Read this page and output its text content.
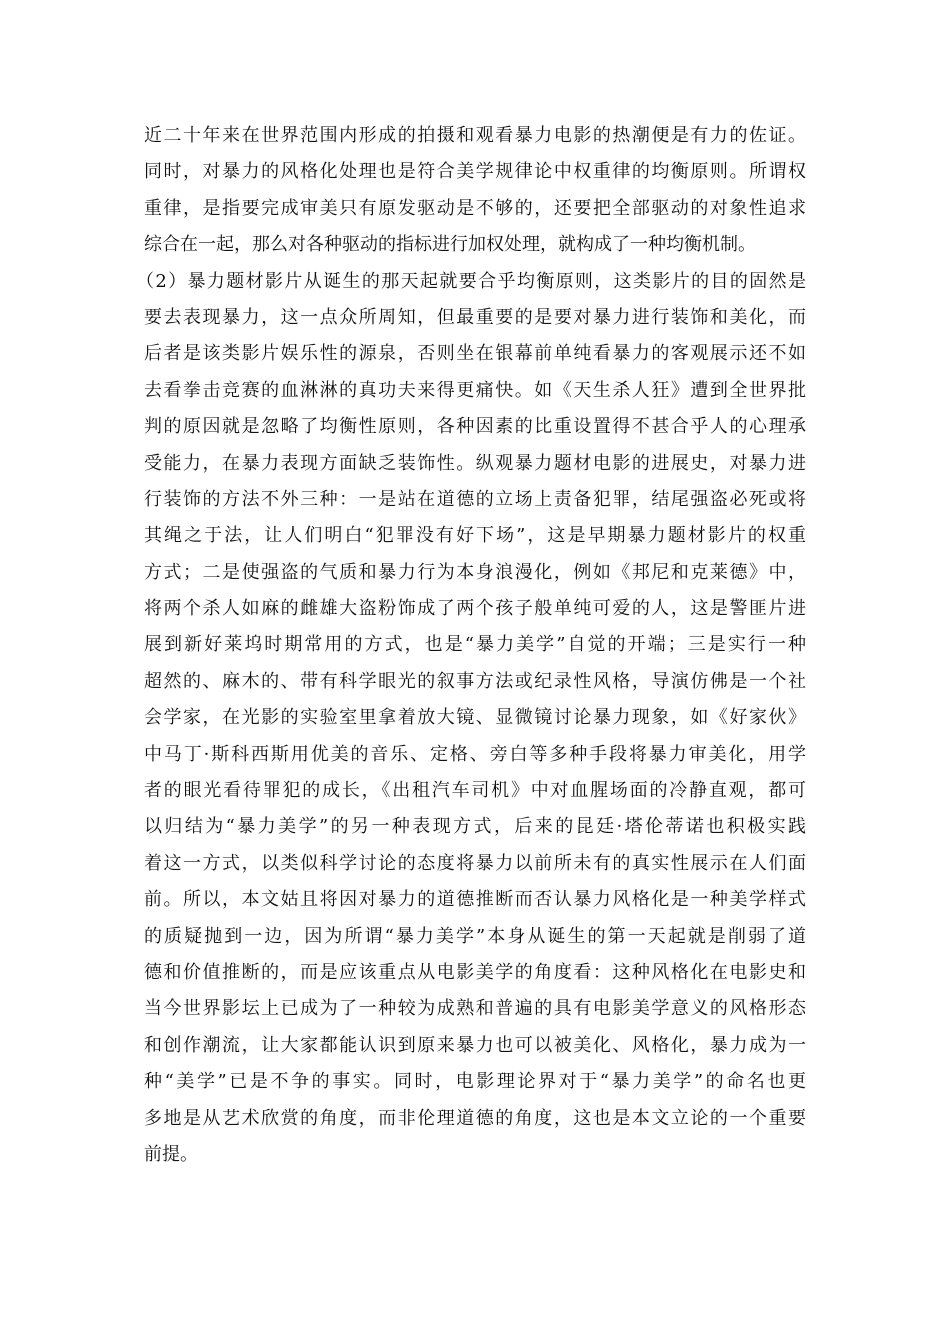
近二十年来在世界范围内形成的拍摄和观看暴力电影的热潮便是有力的佐证。
同时，对暴力的风格化处理也是符合美学规律论中权重律的均衡原则。所谓权
重律，是指要完成审美只有原发驱动是不够的，还要把全部驱动的对象性追求
综合在一起，那么对各种驱动的指标进行加权处理，就构成了一种均衡机制。
（2）暴力题材影片从诞生的那天起就要合乎均衡原则，这类影片的目的固然是
要去表现暴力，这一点众所周知，但最重要的是要对暴力进行装饰和美化，而
后者是该类影片娱乐性的源泉，否则坐在银幕前单纯看暴力的客观展示还不如
去看拳击竞赛的血淋淋的真功夫来得更痛快。如《天生杀人狂》遭到全世界批
判的原因就是忽略了均衡性原则，各种因素的比重设置得不甚合乎人的心理承
受能力，在暴力表现方面缺乏装饰性。纵观暴力题材电影的进展史，对暴力进
行装饰的方法不外三种：一是站在道德的立场上责备犯罪，结尾强盗必死或将
其绳之于法，让人们明白“犯罪没有好下场”，这是早期暴力题材影片的权重
方式；二是使强盗的气质和暴力行为本身浪漫化，例如《邦尼和克莱德》中，
将两个杀人如麻的雌雄大盗粉饰成了两个孩子般单纯可爱的人，这是警匪片进
展到新好莱坞时期常用的方式，也是“暴力美学”自觉的开端；三是实行一种
超然的、麻木的、带有科学眼光的叙事方法或纪录性风格，导演仿佛是一个社
会学家，在光影的实验室里拿着放大镜、显微镜讨论暴力现象，如《好家伙》
中马丁·斯科西斯用优美的音乐、定格、旁白等多种手段将暴力审美化，用学
者的眼光看待罪犯的成长，《出租汽车司机》中对血腥场面的冷静直观，都可
以归结为“暴力美学”的另一种表现方式，后来的昆廷·塔伦蒂诺也积极实践
着这一方式，以类似科学讨论的态度将暴力以前所未有的真实性展示在人们面
前。所以，本文姑且将因对暴力的道德推断而否认暴力风格化是一种美学样式
的质疑抛到一边，因为所谓“暴力美学”本身从诞生的第一天起就是削弱了道
德和价值推断的，而是应该重点从电影美学的角度看：这种风格化在电影史和
当今世界影坛上已成为了一种较为成熟和普遍的具有电影美学意义的风格形态
和创作潮流，让大家都能认识到原来暴力也可以被美化、风格化，暴力成为一
种“美学”已是不争的事实。同时，电影理论界对于“暴力美学”的命名也更
多地是从艺术欣赏的角度，而非伦理道德的角度，这也是本文立论的一个重要
前提。
